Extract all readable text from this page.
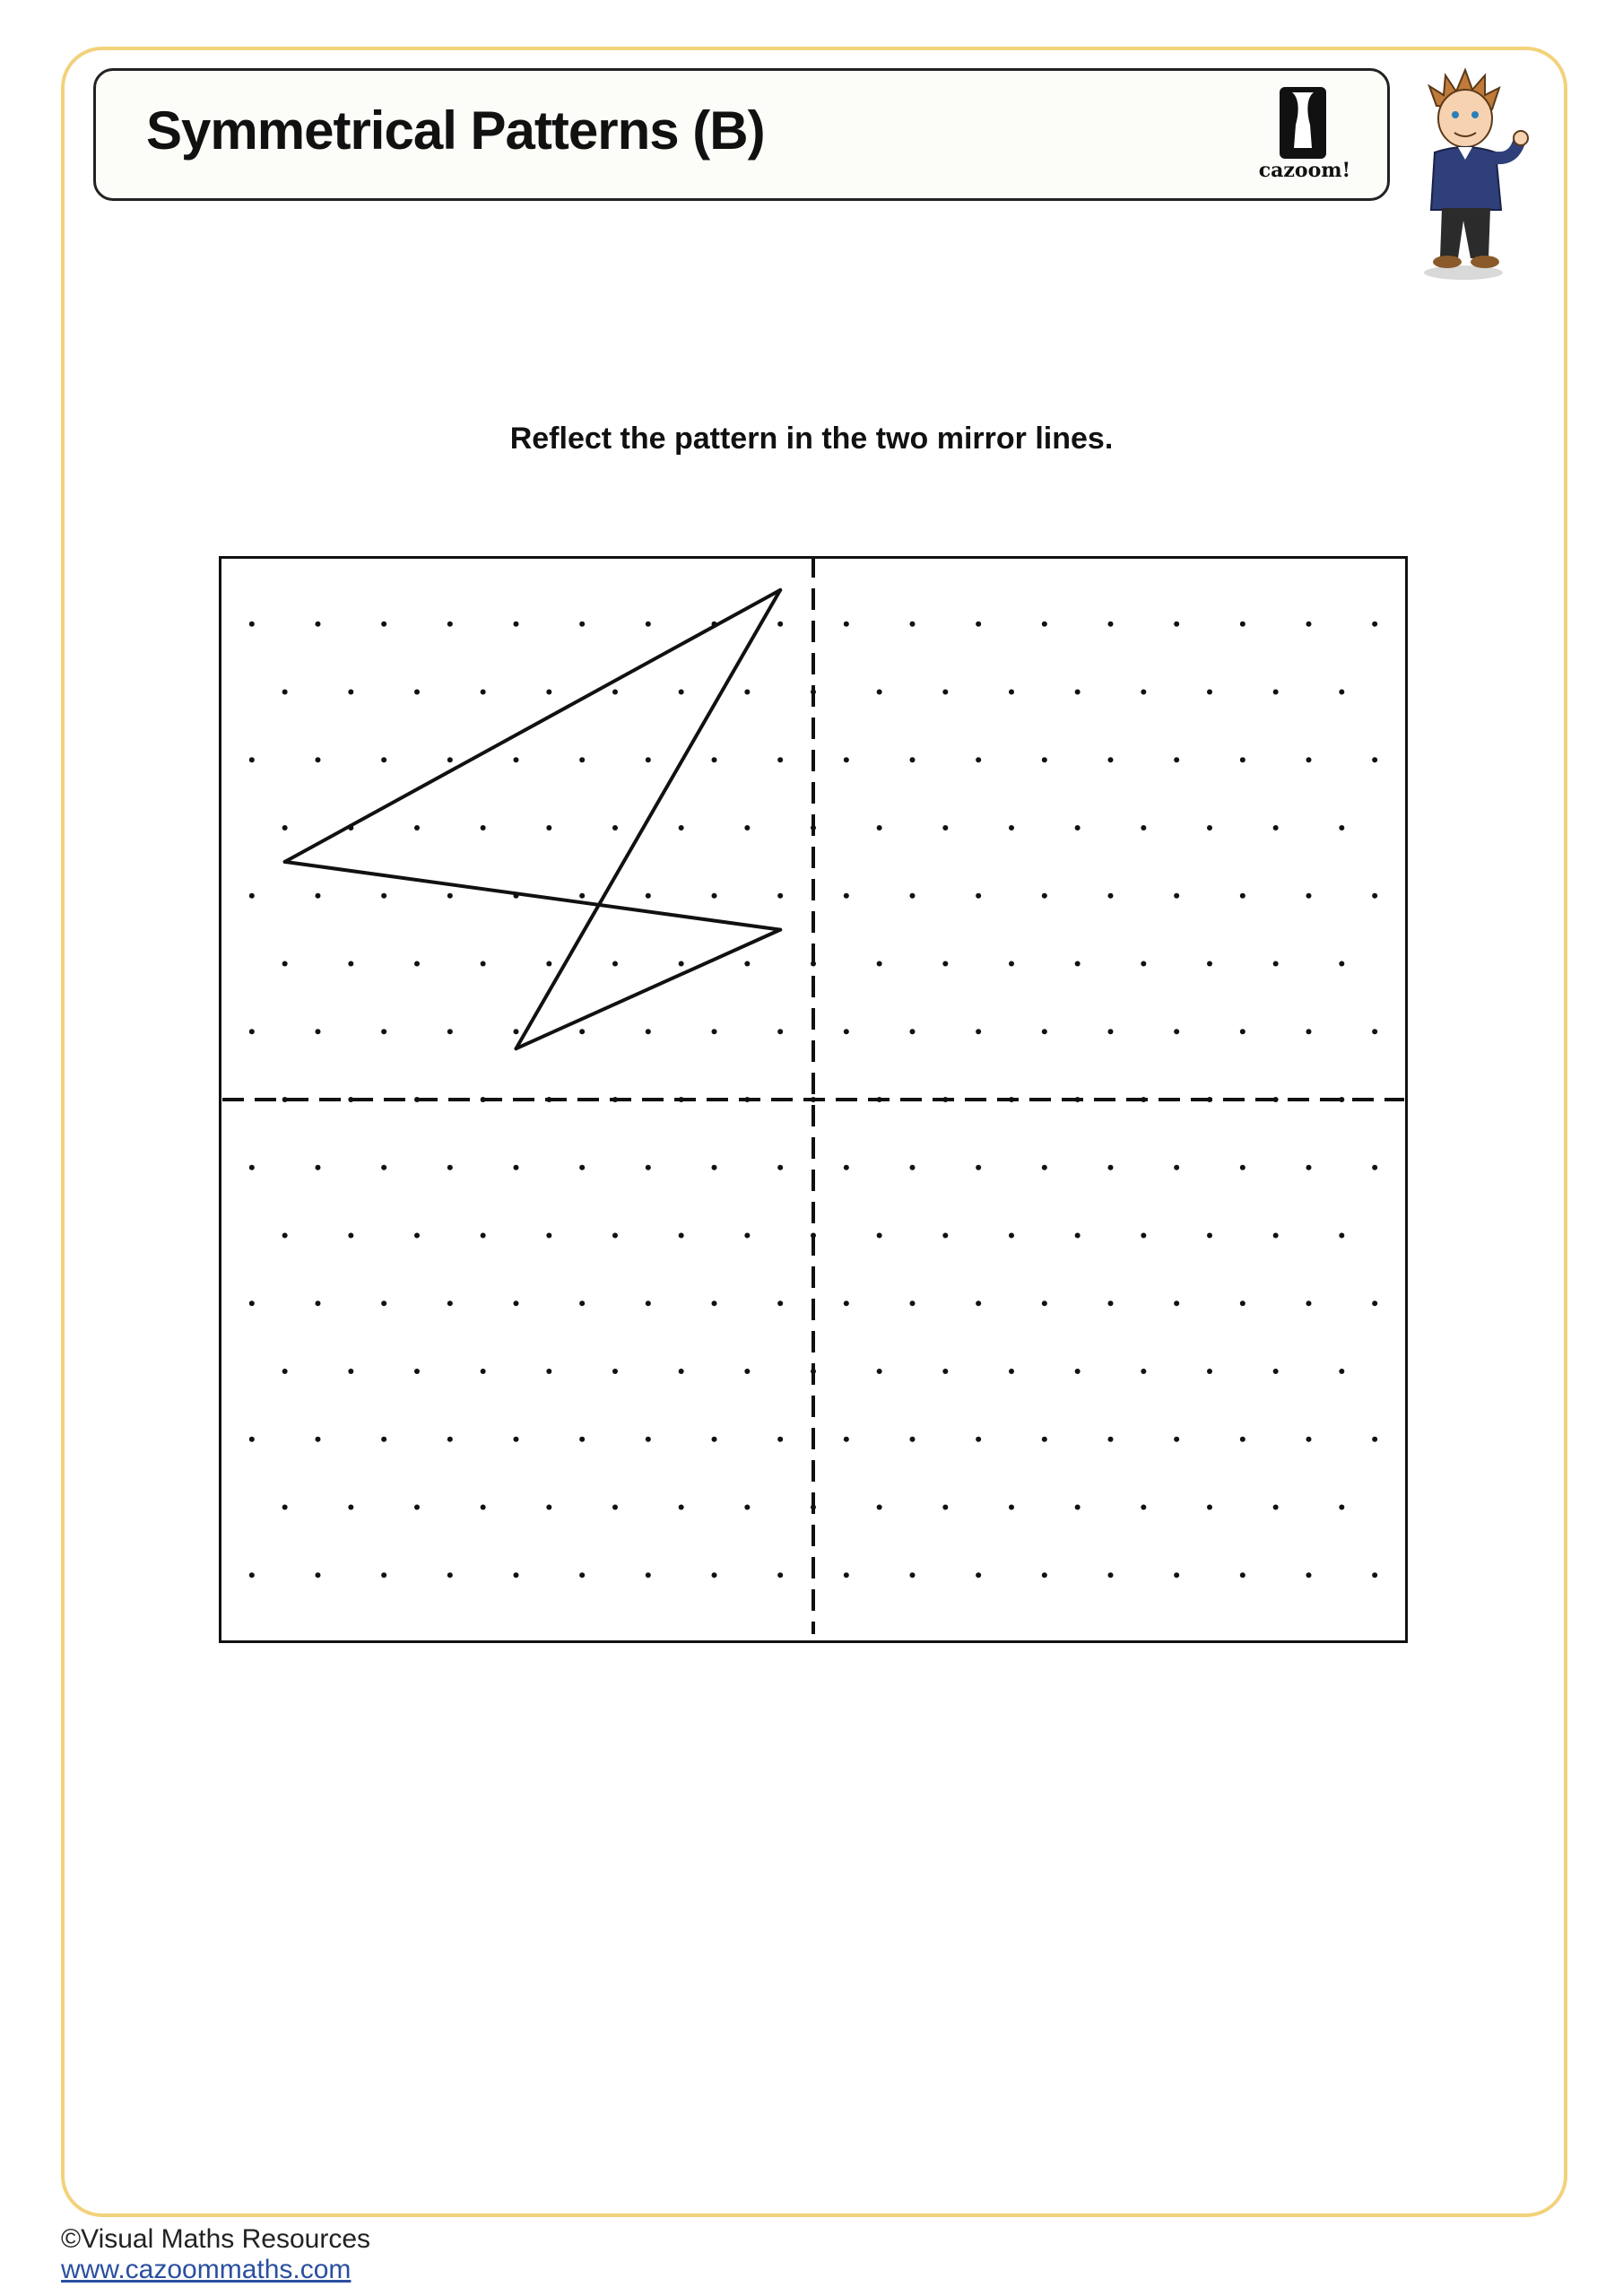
Symmetrical Patterns (B)
cazoom!

Reflect the pattern in the two mirror lines.

©Visual Maths Resources
www.cazoommaths.com
